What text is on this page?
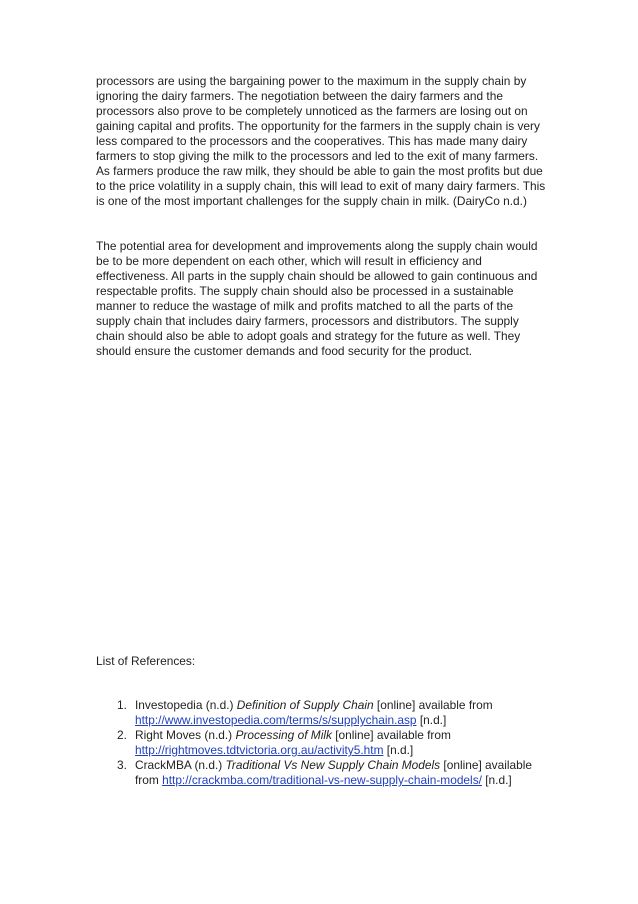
processors are using the bargaining power to the maximum in the supply chain by ignoring the dairy farmers. The negotiation between the dairy farmers and the processors also prove to be completely unnoticed as the farmers are losing out on gaining capital and profits. The opportunity for the farmers in the supply chain is very less compared to the processors and the cooperatives. This has made many dairy farmers to stop giving the milk to the processors and led to the exit of many farmers. As farmers produce the raw milk, they should be able to gain the most profits but due to the price volatility in a supply chain, this will lead to exit of many dairy farmers. This is one of the most important challenges for the supply chain in milk. (DairyCo n.d.)

The potential area for development and improvements along the supply chain would be to be more dependent on each other, which will result in efficiency and effectiveness. All parts in the supply chain should be allowed to gain continuous and respectable profits. The supply chain should also be processed in a sustainable manner to reduce the wastage of milk and profits matched to all the parts of the supply chain that includes dairy farmers, processors and distributors. The supply chain should also be able to adopt goals and strategy for the future as well. They should ensure the customer demands and food security for the product.

List of References:

1. Investopedia (n.d.) Definition of Supply Chain [online] available from http://www.investopedia.com/terms/s/supplychain.asp [n.d.]
2. Right Moves (n.d.) Processing of Milk [online] available from http://rightmoves.tdtvictoria.org.au/activity5.htm [n.d.]
3. CrackMBA (n.d.) Traditional Vs New Supply Chain Models [online] available from http://crackmba.com/traditional-vs-new-supply-chain-models/ [n.d.]
